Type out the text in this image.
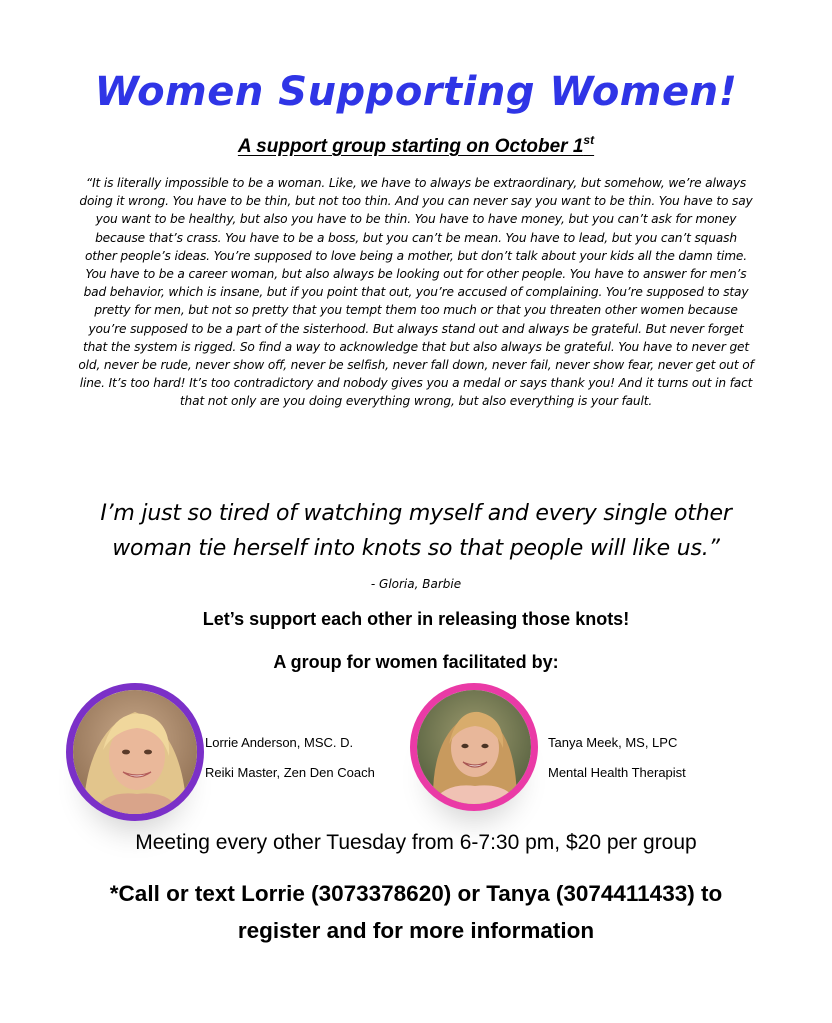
Women Supporting Women!
A support group starting on October 1st
“It is literally impossible to be a woman. Like, we have to always be extraordinary, but somehow, we’re always doing it wrong. You have to be thin, but not too thin. And you can never say you want to be thin. You have to say you want to be healthy, but also you have to be thin. You have to have money, but you can’t ask for money because that’s crass. You have to be a boss, but you can’t be mean. You have to lead, but you can’t squash other people’s ideas. You’re supposed to love being a mother, but don’t talk about your kids all the damn time. You have to be a career woman, but also always be looking out for other people. You have to answer for men’s bad behavior, which is insane, but if you point that out, you’re accused of complaining. You’re supposed to stay pretty for men, but not so pretty that you tempt them too much or that you threaten other women because you’re supposed to be a part of the sisterhood. But always stand out and always be grateful. But never forget that the system is rigged. So find a way to acknowledge that but also always be grateful. You have to never get old, never be rude, never show off, never be selfish, never fall down, never fail, never show fear, never get out of line. It’s too hard! It’s too contradictory and nobody gives you a medal or says thank you! And it turns out in fact that not only are you doing everything wrong, but also everything is your fault.
I’m just so tired of watching myself and every single other woman tie herself into knots so that people will like us.”
- Gloria, Barbie
Let’s support each other in releasing those knots!
A group for women facilitated by:
Lorrie Anderson, MSC. D.
Reiki Master, Zen Den Coach
Tanya Meek, MS, LPC
Mental Health Therapist
Meeting every other Tuesday from 6-7:30 pm, $20 per group
*Call or text Lorrie (3073378620) or Tanya (3074411433) to register and for more information
